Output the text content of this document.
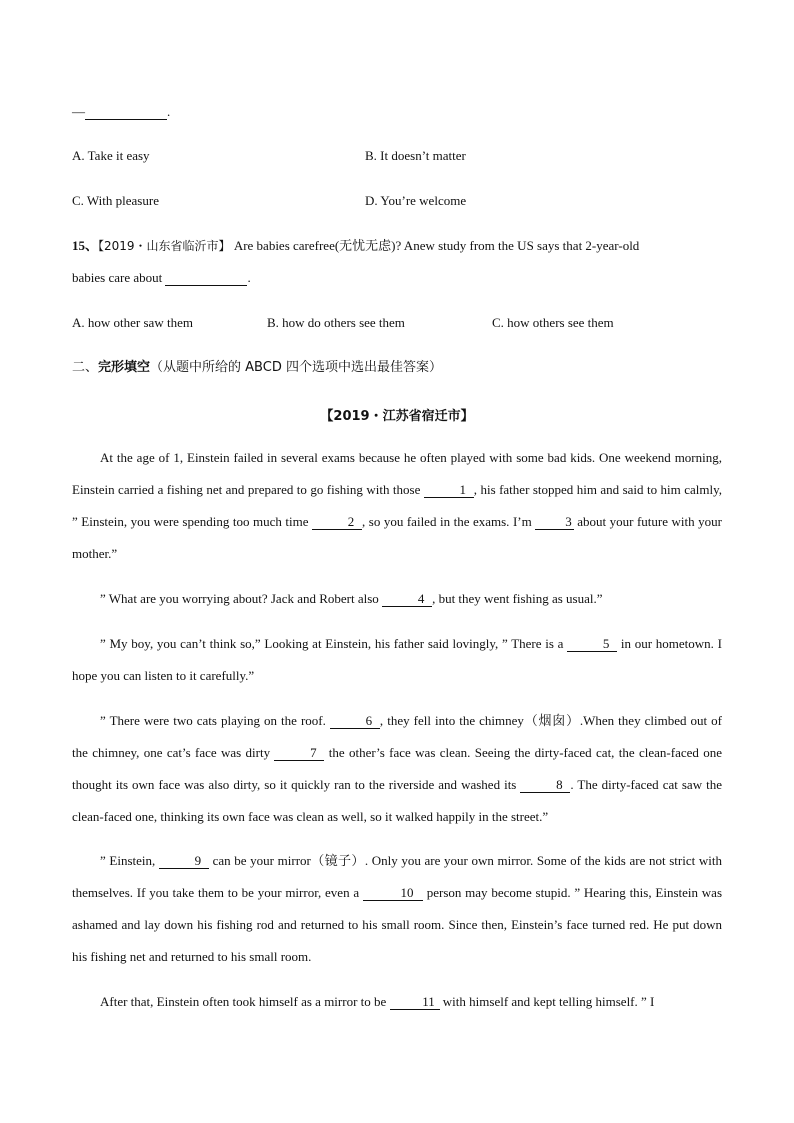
—	.
A. Take it easy	B. It doesn’t matter
C. With pleasure	D. You’re welcome
15、【2019・山东省临沂市】 Are babies carefree(无忧无虑)? Anew study from the US says that 2-year-old
babies care about	.
A. how other saw them	B. how do others see them	C. how others see them
二、完形填空（从题中所给的 ABCD 四个选项中选出最佳答案）
【2019・江苏省宿迁市】
At the age of 1, Einstein failed in several exams because he often played with some bad kids. One weekend morning, Einstein carried a fishing net and prepared to go fishing with those	1 , his father stopped him and said to him calmly, ” Einstein, you were spending too much time	2 , so you failed in the exams. I’m 3 about your future with your mother.”
” What are you worrying about? Jack and Robert also	4 , but they went fishing as usual.”
” My boy, you can’t think so,” Looking at Einstein, his father said lovingly, ” There is a	5 in our hometown. I hope you can listen to it carefully.”
” There were two cats playing on the roof.	6 , they fell into the chimney（烟囱）.When they climbed out of the chimney, one cat’s face was dirty	7 the other’s face was clean. Seeing the dirty-faced cat, the clean-faced one thought its own face was also dirty, so it quickly ran to the riverside and washed its	8 . The dirty-faced cat saw the clean-faced one, thinking its own face was clean as well, so it walked happily in the street.”
” Einstein,	9 can be your mirror（镜子）. Only you are your own mirror. Some of the kids are not strict with themselves. If you take them to be your mirror, even a	10 person may become stupid. ” Hearing this, Einstein was ashamed and lay down his fishing rod and returned to his small room. Since then, Einstein’s face turned red. He put down his fishing net and returned to his small room.
After that, Einstein often took himself as a mirror to be	11 with himself and kept telling himself. ” I
